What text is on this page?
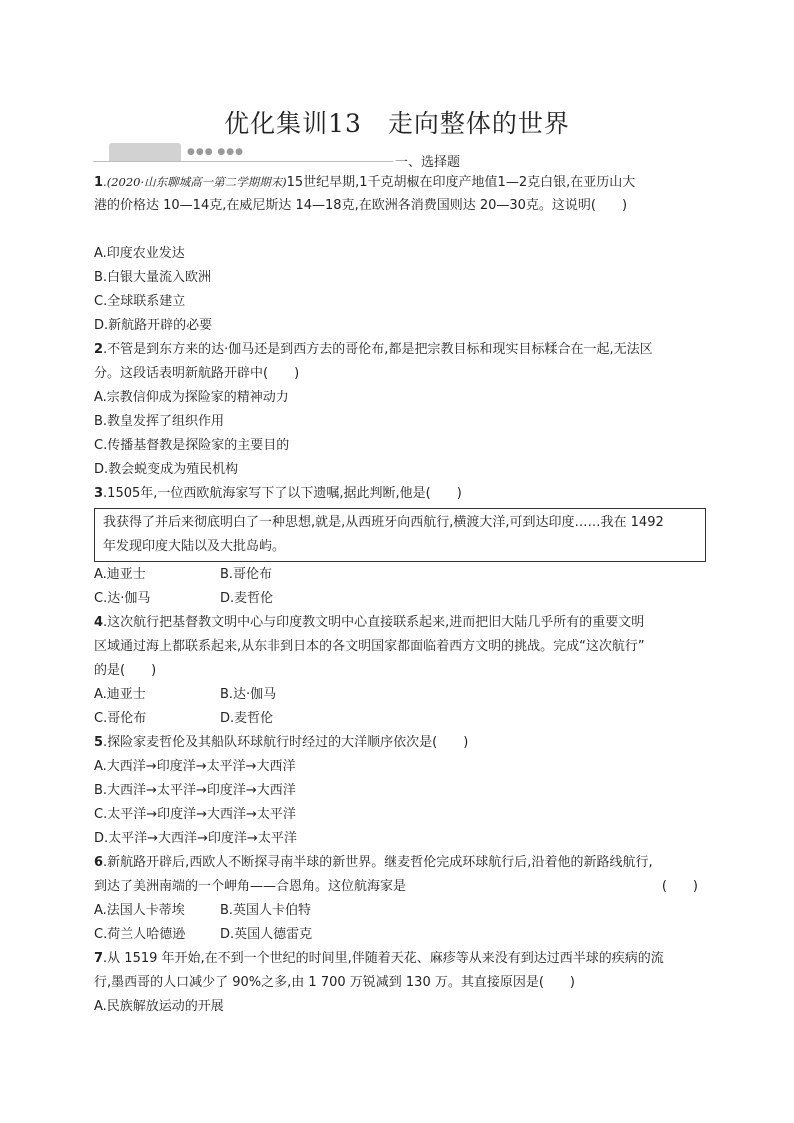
优化集训13　走向整体的世界
●●● ●●●
一、选择题
1.(2020·山东聊城高一第二学期期末)15世纪早期,1千克胡椒在印度产地值1—2克白银,在亚历山大
港的价格达 10—14克,在威尼斯达 14—18克,在欧洲各消费国则达 20—30克。这说明(　　)
A.印度农业发达
B.白银大量流入欧洲
C.全球联系建立
D.新航路开辟的必要
2.不管是到东方来的达·伽马还是到西方去的哥伦布,都是把宗教目标和现实目标糅合在一起,无法区
分。这段话表明新航路开辟中(　　)
A.宗教信仰成为探险家的精神动力
B.教皇发挥了组织作用
C.传播基督教是探险家的主要目的
D.教会蜕变成为殖民机构
3.1505年,一位西欧航海家写下了以下遗嘱,据此判断,他是(　　)
我获得了并后来彻底明白了一种思想,就是,从西班牙向西航行,横渡大洋,可到达印度……我在 1492
年发现印度大陆以及大批岛屿。
A.迪亚士	B.哥伦布
C.达·伽马	D.麦哲伦
4.这次航行把基督教文明中心与印度教文明中心直接联系起来,进而把旧大陆几乎所有的重要文明
区域通过海上都联系起来,从东非到日本的各文明国家都面临着西方文明的挑战。完成“这次航行”
的是(　　)
A.迪亚士	B.达·伽马
C.哥伦布	D.麦哲伦
5.探险家麦哲伦及其船队环球航行时经过的大洋顺序依次是(　　)
A.大西洋→印度洋→太平洋→大西洋
B.大西洋→太平洋→印度洋→大西洋
C.太平洋→印度洋→大西洋→太平洋
D.太平洋→大西洋→印度洋→太平洋
6.新航路开辟后,西欧人不断探寻南半球的新世界。继麦哲伦完成环球航行后,沿着他的新路线航行,
到达了美洲南端的一个岬角——合恩角。这位航海家是	(　　)
A.法国人卡蒂埃	B.英国人卡伯特
C.荷兰人哈德逊	D.英国人德雷克
7.从 1519 年开始,在不到一个世纪的时间里,伴随着天花、麻疹等从来没有到达过西半球的疾病的流
行,墨西哥的人口减少了 90%之多,由 1 700 万锐减到 130 万。其直接原因是(　　)
A.民族解放运动的开展
